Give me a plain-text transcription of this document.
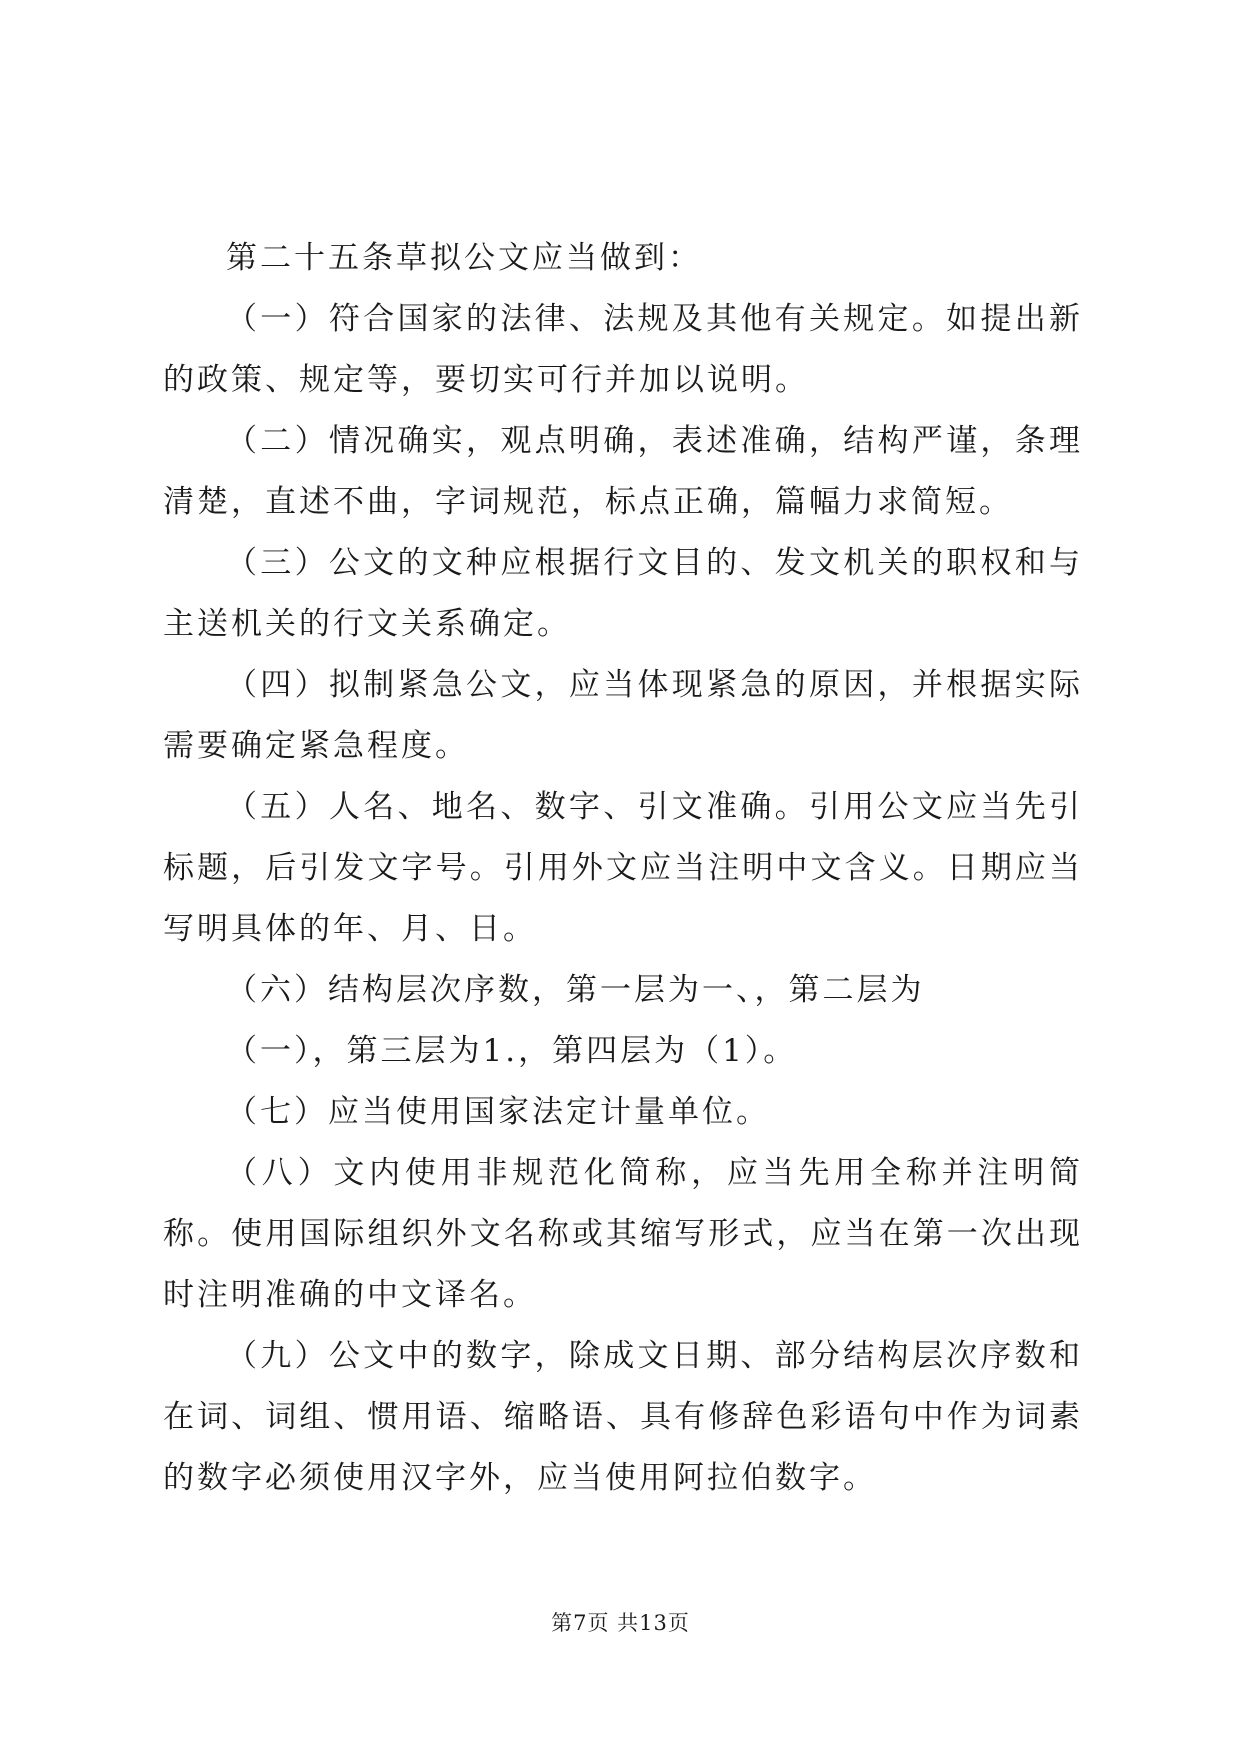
第二十五条草拟公文应当做到：

（一）符合国家的法律、法规及其他有关规定。如提出新的政策、规定等，要切实可行并加以说明。

（二）情况确实，观点明确，表述准确，结构严谨，条理清楚，直述不曲，字词规范，标点正确，篇幅力求简短。

（三）公文的文种应根据行文目的、发文机关的职权和与主送机关的行文关系确定。

（四）拟制紧急公文，应当体现紧急的原因，并根据实际需要确定紧急程度。

（五）人名、地名、数字、引文准确。引用公文应当先引标题，后引发文字号。引用外文应当注明中文含义。日期应当写明具体的年、月、日。

（六）结构层次序数，第一层为一、，第二层为

（一），第三层为1.，第四层为（1）。

（七）应当使用国家法定计量单位。

（八）文内使用非规范化简称，应当先用全称并注明简称。使用国际组织外文名称或其缩写形式，应当在第一次出现时注明准确的中文译名。

（九）公文中的数字，除成文日期、部分结构层次序数和在词、词组、惯用语、缩略语、具有修辞色彩语句中作为词素的数字必须使用汉字外，应当使用阿拉伯数字。

第7页 共13页
